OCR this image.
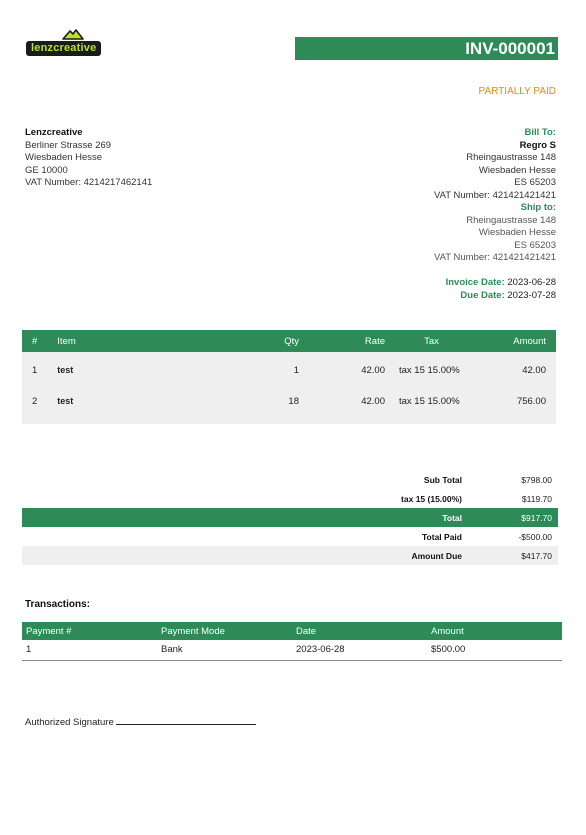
lenzcreative	INV-000001
PARTIALLY PAID
Lenzcreative
Berliner Strasse 269
Wiesbaden Hesse
GE 10000
VAT Number: 4214217462141
Bill To:
Regro S
Rheingaustrasse 148
Wiesbaden Hesse
ES 65203
VAT Number: 421421421421
Ship to:
Rheingaustrasse 148
Wiesbaden Hesse
ES 65203
VAT Number: 421421421421
Invoice Date: 2023-06-28
Due Date: 2023-07-28
#	Item	Qty	Rate	Tax	Amount
1	test	1	42.00	tax 15 15.00%	42.00
2	test	18	42.00	tax 15 15.00%	756.00
Sub Total	$798.00
tax 15 (15.00%)	$119.70
Total	$917.70
Total Paid	-$500.00
Amount Due	$417.70
Transactions:
Payment #	Payment Mode	Date	Amount
1	Bank	2023-06-28	$500.00
Authorized Signature
